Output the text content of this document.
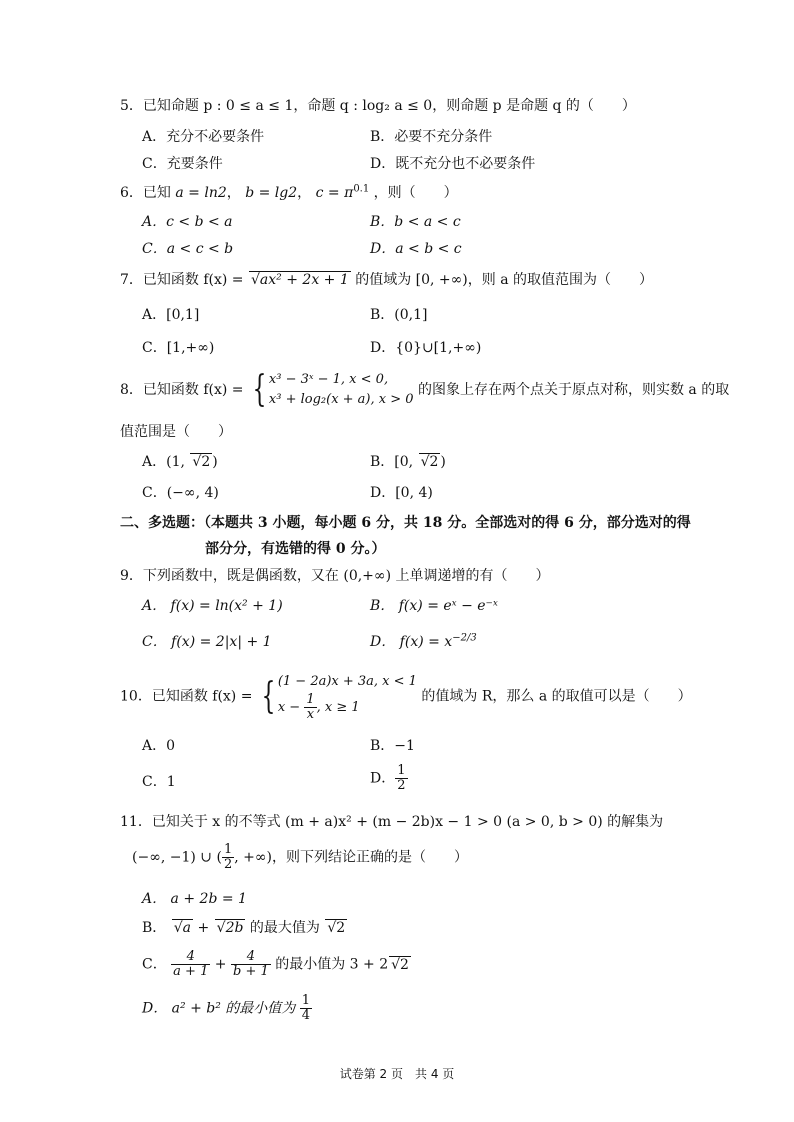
5．已知命题 p : 0 ≤ a ≤ 1，命题 q : log₂ a ≤ 0，则命题 p 是命题 q 的（　　）
A．充分不必要条件	B．必要不充分条件
C．充要条件	D．既不充分也不必要条件
6．已知 a = ln2， b = lg2， $c = \pi^{0.1}$ ，则（　　）
A．c < b < a	B．b < a < c
C．a < c < b	D．a < b < c
7．已知函数 f(x) = √ax² + 2x + 1 的值域为 [0, +∞)，则 a 的取值范围为（　　）
A．[0,1]	B．(0,1]
C．[1,+∞)	D．{0}∪[1,+∞)
8．已知函数 f(x) = { x³ − 3ˣ − 1, x < 0,
x³ + log₂(x + a), x > 0
的图象上存在两个点关于原点对称，则实数 a 的取
值范围是（　　）
A．(1, √2 )	B．[0, √2 )
C．(−∞, 4)	D．[0, 4)
二、多选题：（本题共 3 小题，每小题 6 分，共 18 分。全部选对的得 6 分，部分选对的得
部分分，有选错的得 0 分。）
9．下列函数中，既是偶函数，又在 (0,+∞) 上单调递增的有（　　）
A． f(x) = ln(x² + 1)	B． f(x) = eˣ − e⁻ˣ
C． f(x) = 2|x| + 1	D． $f(x) = x^{-2/3}$
10．已知函数 f(x) = { (1 − 2a)x + 3a, x < 1
$x - \frac{1}{x}$ , x ≥ 1
的值域为 R，那么 a 的取值可以是（　　）
A．0	B．−1
C．1	D． $\frac{1}{2}$
11．已知关于 x 的不等式 (m + a)x² + (m − 2b)x − 1 > 0 (a > 0, b > 0) 的解集为
(−∞, −1) ∪ ( $\frac{1}{2}$ , +∞)，则下列结论正确的是（　　）
A． a + 2b = 1
B． √a + √2b 的最大值为 √2
C． $\frac{4}{a + 1} + \frac{4}{b + 1}$ 的最小值为 3 + 2 √2
D． a² + b² 的最小值为 $\frac{1}{4}$
试卷第 2 页　共 4 页
